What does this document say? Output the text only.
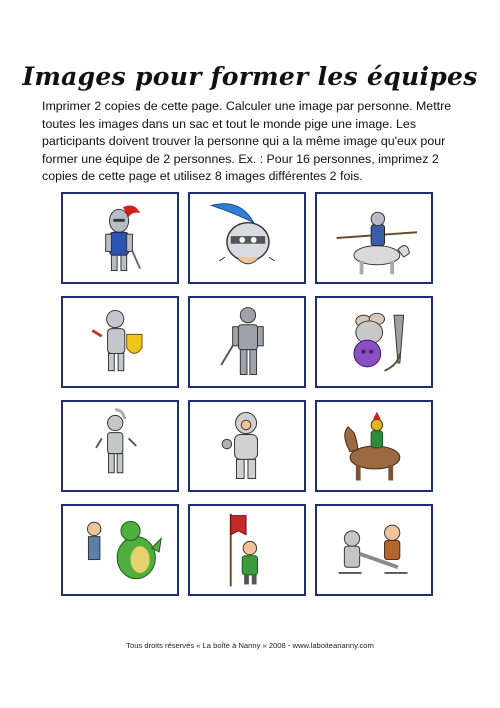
Images pour former les équipes
Imprimer 2 copies de cette page. Calculer une image par personne. Mettre toutes les images dans un sac et tout le monde pige une image. Les participants doivent trouver la personne qui a la même image qu'eux pour former une équipe de 2 personnes. Ex. : Pour 16 personnes, imprimez 2 copies de cette page et utilisez 8 images différentes 2 fois.
Tous droits réservés « La boîte à Nanny » 2008 - www.laboiteananny.com
